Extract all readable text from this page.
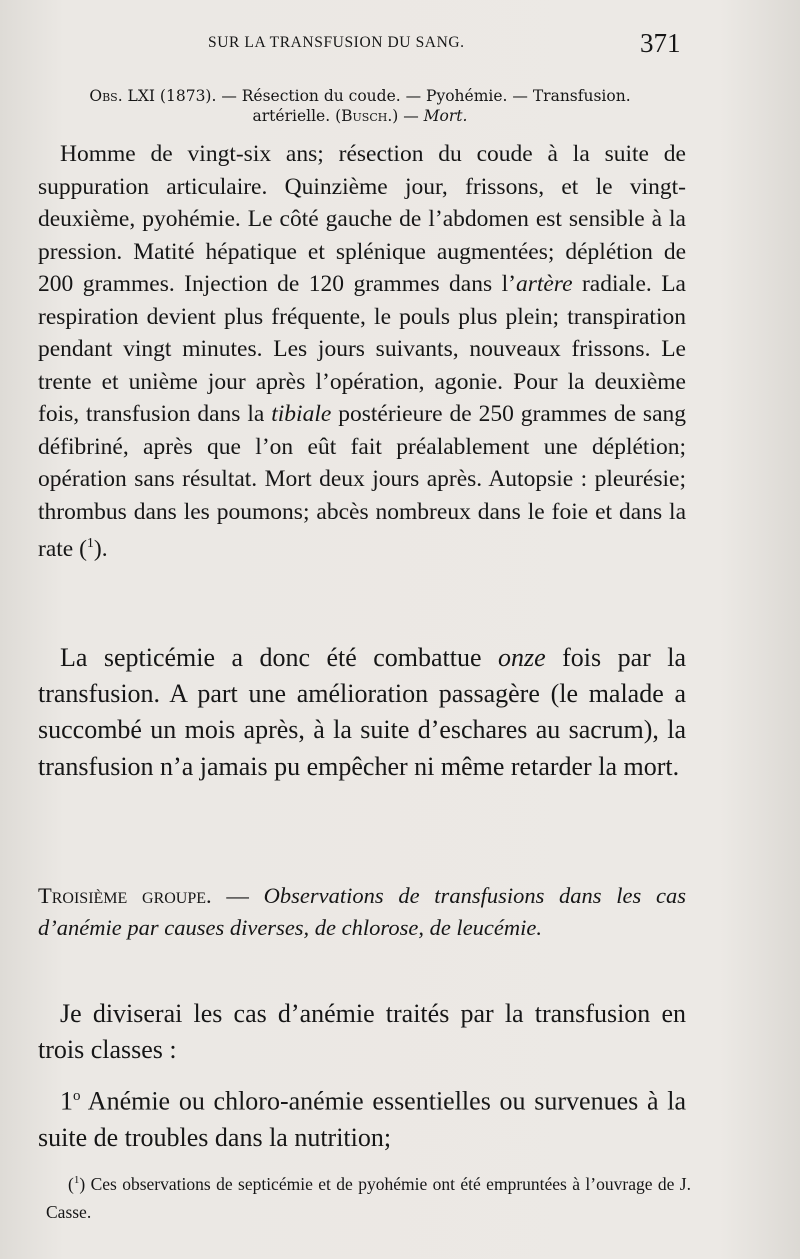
SUR LA TRANSFUSION DU SANG.	371
Obs. LXI (1873). — Résection du coude. — Pyohémie. — Transfusion. artérielle. (Busch.) — Mort.

Homme de vingt-six ans; résection du coude à la suite de suppuration articulaire. Quinzième jour, frissons, et le vingt-deuxième, pyohémie. Le côté gauche de l’abdomen est sensible à la pression. Matité hépatique et splénique augmentées; déplétion de 200 grammes. Injection de 120 grammes dans l’artère radiale. La respiration devient plus fréquente, le pouls plus plein; transpiration pendant vingt minutes. Les jours suivants, nouveaux frissons. Le trente et unième jour après l’opération, agonie. Pour la deuxième fois, transfusion dans la tibiale postérieure de 250 grammes de sang défibriné, après que l’on eût fait préalablement une déplétion; opération sans résultat. Mort deux jours après. Autopsie : pleurésie; thrombus dans les poumons; abcès nombreux dans le foie et dans la rate ($^1$).

La septicémie a donc été combattue onze fois par la transfusion. A part une amélioration passagère (le malade a succombé un mois après, à la suite d’eschares au sacrum), la transfusion n’a jamais pu empêcher ni même retarder la mort.

Troisième groupe. — Observations de transfusions dans les cas d’anémie par causes diverses, de chlorose, de leucémie.

Je diviserai les cas d’anémie traités par la transfusion en trois classes :

1$^o$ Anémie ou chloro-anémie essentielles ou survenues à la suite de troubles dans la nutrition;

($^1$) Ces observations de septicémie et de pyohémie ont été empruntées à l’ouvrage de J. Casse.
